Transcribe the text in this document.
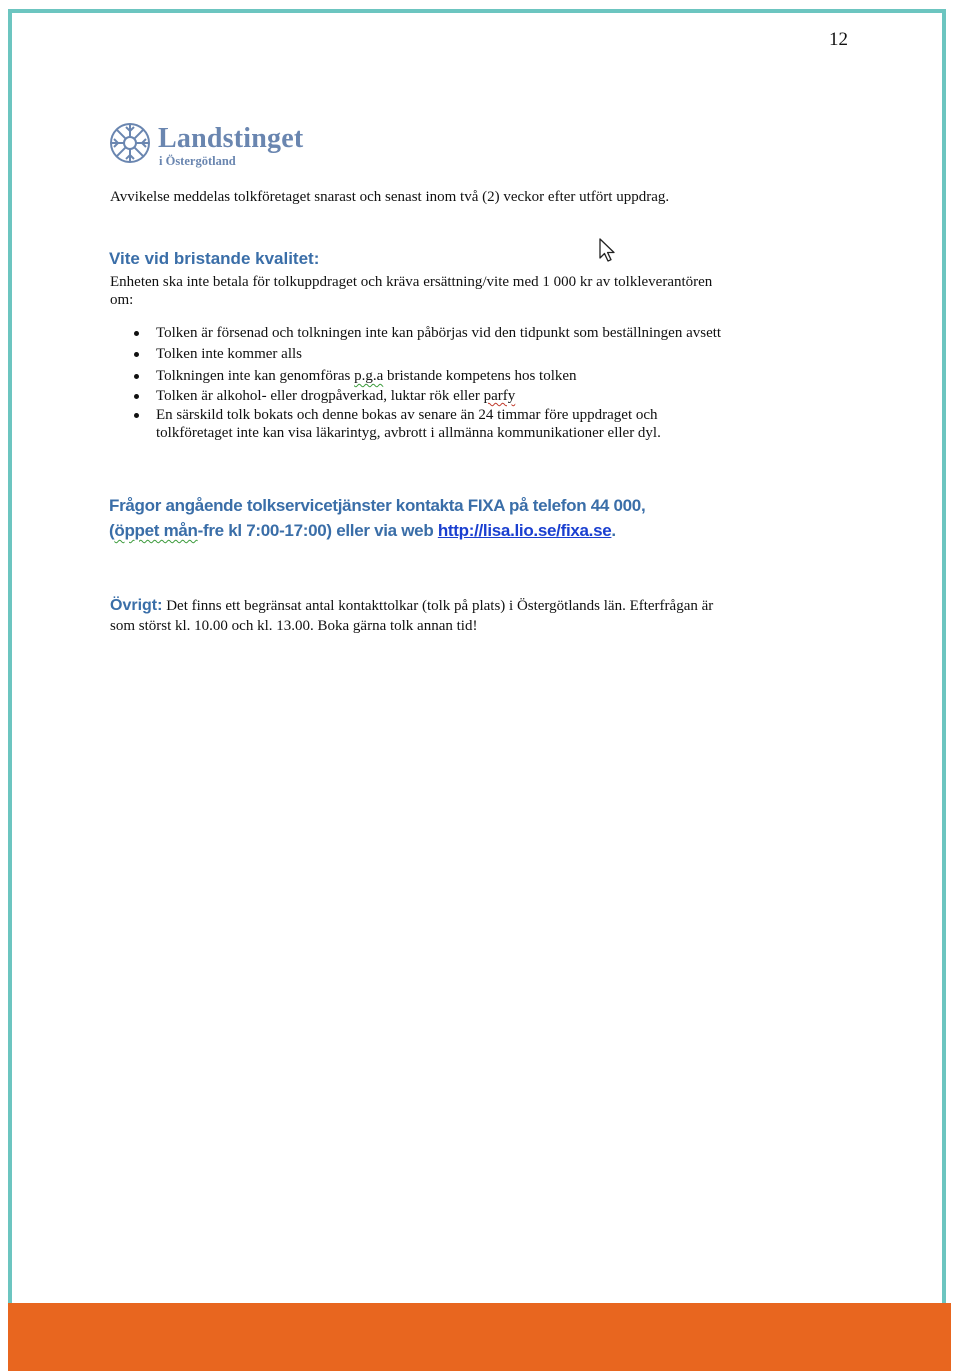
12
Landstinget
i Östergötland
Avvikelse meddelas tolkföretaget snarast och senast inom två (2) veckor efter utfört uppdrag.
Vite vid bristande kvalitet:
Enheten ska inte betala för tolkuppdraget och kräva ersättning/vite med 1 000 kr av tolkleverantören
om:
Tolken är försenad och tolkningen inte kan påbörjas vid den tidpunkt som beställningen avsett
Tolken inte kommer alls
Tolkningen inte kan genomföras p.g.a bristande kompetens hos tolken
Tolken är alkohol- eller drogpåverkad, luktar rök eller parfy
En särskild tolk bokats och denne bokas av senare än 24 timmar före uppdraget och
tolkföretaget inte kan visa läkarintyg, avbrott i allmänna kommunikationer eller dyl.
Frågor angående tolkservicetjänster kontakta FIXA på telefon 44 000,
(öppet mån-fre kl 7:00-17:00) eller via web http://lisa.lio.se/fixa.se.
Övrigt: Det finns ett begränsat antal kontakttolkar (tolk på plats) i Östergötlands län. Efterfrågan är
som störst kl. 10.00 och kl. 13.00. Boka gärna tolk annan tid!
